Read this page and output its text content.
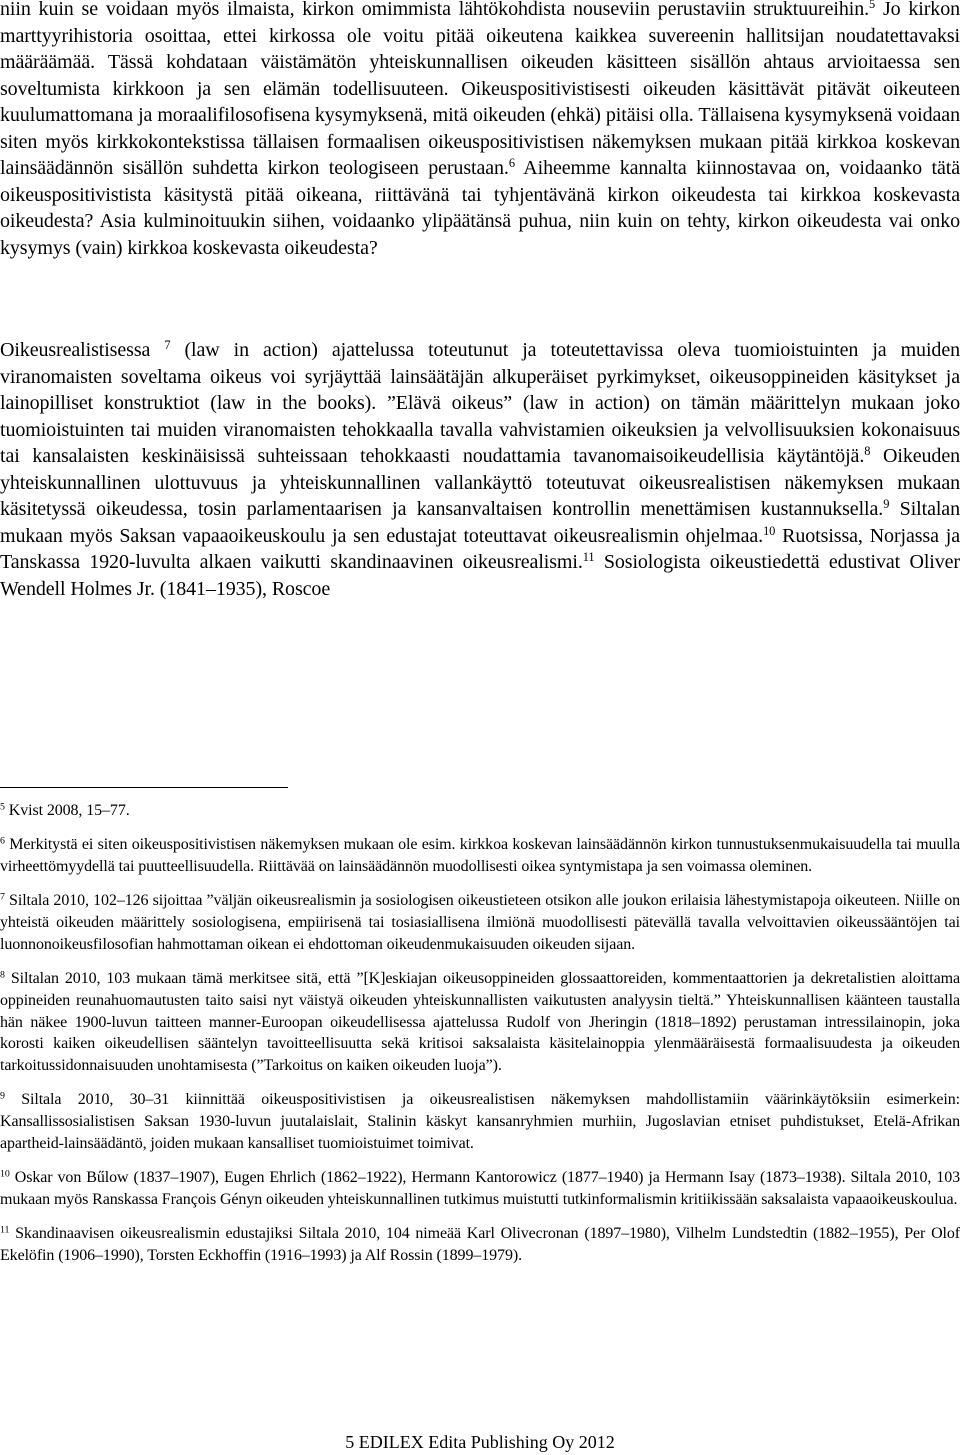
niin kuin se voidaan myös ilmaista, kirkon omimmista lähtökohdista nouseviin perustaviin struktuureihin.$^5$ Jo kirkon marttyyrihistoria osoittaa, ettei kirkossa ole voitu pitää oikeutena kaikkea suvereenin hallitsijan noudatettavaksi määräämää. Tässä kohdataan väistämätön yhteiskunnallisen oikeuden käsitteen sisällön ahtaus arvioitaessa sen soveltumista kirkkoon ja sen elämän todellisuuteen. Oikeuspositivistisesti oikeuden käsittävät pitävät oikeuteen kuulumattomana ja moraalifilosofisena kysymyksenä, mitä oikeuden (ehkä) pitäisi olla. Tällaisena kysymyksenä voidaan siten myös kirkkokontekstissa tällaisen formaalisen oikeuspositivistisen näkemyksen mukaan pitää kirkkoa koskevan lainsäädännön sisällön suhdetta kirkon teologiseen perustaan.$^6$ Aiheemme kannalta kiinnostavaa on, voidaanko tätä oikeuspositivistista käsitystä pitää oikeana, riittävänä tai tyhjentävänä kirkon oikeudesta tai kirkkoa koskevasta oikeudesta? Asia kulminoituukin siihen, voidaanko ylipäätänsä puhua, niin kuin on tehty, kirkon oikeudesta vai onko kysymys (vain) kirkkoa koskevasta oikeudesta?

Oikeusrealistisessa $^7$ (law in action) ajattelussa toteutunut ja toteutettavissa oleva tuomioistuinten ja muiden viranomaisten soveltama oikeus voi syrjäyttää lainsäätäjän alkuperäiset pyrkimykset, oikeusoppineiden käsitykset ja lainopilliset konstruktiot (law in the books). ”Elävä oikeus” (law in action) on tämän määrittelyn mukaan joko tuomioistuinten tai muiden viranomaisten tehokkaalla tavalla vahvistamien oikeuksien ja velvollisuuksien kokonaisuus tai kansalaisten keskinäisissä suhteissaan tehokkaasti noudattamia tavanomaisoikeudellisia käytäntöjä.$^8$ Oikeuden yhteiskunnallinen ulottuvuus ja yhteiskunnallinen vallankäyttö toteutuvat oikeusrealistisen näkemyksen mukaan käsitetyssä oikeudessa, tosin parlamentaarisen ja kansanvaltaisen kontrollin menettämisen kustannuksella.$^9$ Siltalan mukaan myös Saksan vapaaoikeuskoulu ja sen edustajat toteuttavat oikeusrealismin ohjelmaa.$^{10}$ Ruotsissa, Norjassa ja Tanskassa 1920-luvulta alkaen vaikutti skandinaavinen oikeusrealismi.$^{11}$ Sosiologista oikeustiedettä edustivat Oliver Wendell Holmes Jr. (1841–1935), Roscoe

$^5$ Kvist 2008, 15–77.

$^6$ Merkitystä ei siten oikeuspositivistisen näkemyksen mukaan ole esim. kirkkoa koskevan lainsäädännön kirkon tunnustuksenmukaisuudella tai muulla virheettömyydellä tai puutteellisuudella. Riittävää on lainsäädännön muodollisesti oikea syntymistapa ja sen voimassa oleminen.

$^7$ Siltala 2010, 102–126 sijoittaa ”väljän oikeusrealismin ja sosiologisen oikeustieteen otsikon alle joukon erilaisia lähestymistapoja oikeuteen. Niille on yhteistä oikeuden määrittely sosiologisena, empiirisenä tai tosiasiallisena ilmiönä muodollisesti pätevällä tavalla velvoittavien oikeussääntöjen tai luonnonoikeusfilosofian hahmottaman oikean ei ehdottoman oikeudenmukaisuuden oikeuden sijaan.

$^8$ Siltalan 2010, 103 mukaan tämä merkitsee sitä, että ”[K]eskiajan oikeusoppineiden glossaattoreiden, kommentaattorien ja dekretalistien aloittama oppineiden reunahuomautusten taito saisi nyt väistyä oikeuden yhteiskunnallisten vaikutusten analyysin tieltä.” Yhteiskunnallisen käänteen taustalla hän näkee 1900-luvun taitteen manner-Euroopan oikeudellisessa ajattelussa Rudolf von Jheringin (1818–1892) perustaman intressilainopin, joka korosti kaiken oikeudellisen sääntelyn tavoitteellisuutta sekä kritisoi saksalaista käsitelainoppia ylenmääräisestä formaalisuudesta ja oikeuden tarkoitussidonnaisuuden unohtamisesta (”Tarkoitus on kaiken oikeuden luoja”).

$^9$ Siltala 2010, 30–31 kiinnittää oikeuspositivistisen ja oikeusrealistisen näkemyksen mahdollistamiin väärinkäytöksiin esimerkein: Kansallissosialistisen Saksan 1930-luvun juutalaislait, Stalinin käskyt kansanryhmien murhiin, Jugoslavian etniset puhdistukset, Etelä-Afrikan apartheid-lainsäädäntö, joiden mukaan kansalliset tuomioistuimet toimivat.

$^{10}$ Oskar von Bűlow (1837–1907), Eugen Ehrlich (1862–1922), Hermann Kantorowicz (1877–1940) ja Hermann Isay (1873–1938). Siltala 2010, 103 mukaan myös Ranskassa François Gényn oikeuden yhteiskunnallinen tutkimus muistutti tutkinformalismin kritiikissään saksalaista vapaaoikeuskoulua.

$^{11}$ Skandinaavisen oikeusrealismin edustajiksi Siltala 2010, 104 nimeää Karl Olivecronan (1897–1980), Vilhelm Lundstedtin (1882–1955), Per Olof Ekelöfin (1906–1990), Torsten Eckhoffin (1916–1993) ja Alf Rossin (1899–1979).

5 EDILEX Edita Publishing Oy 2012
